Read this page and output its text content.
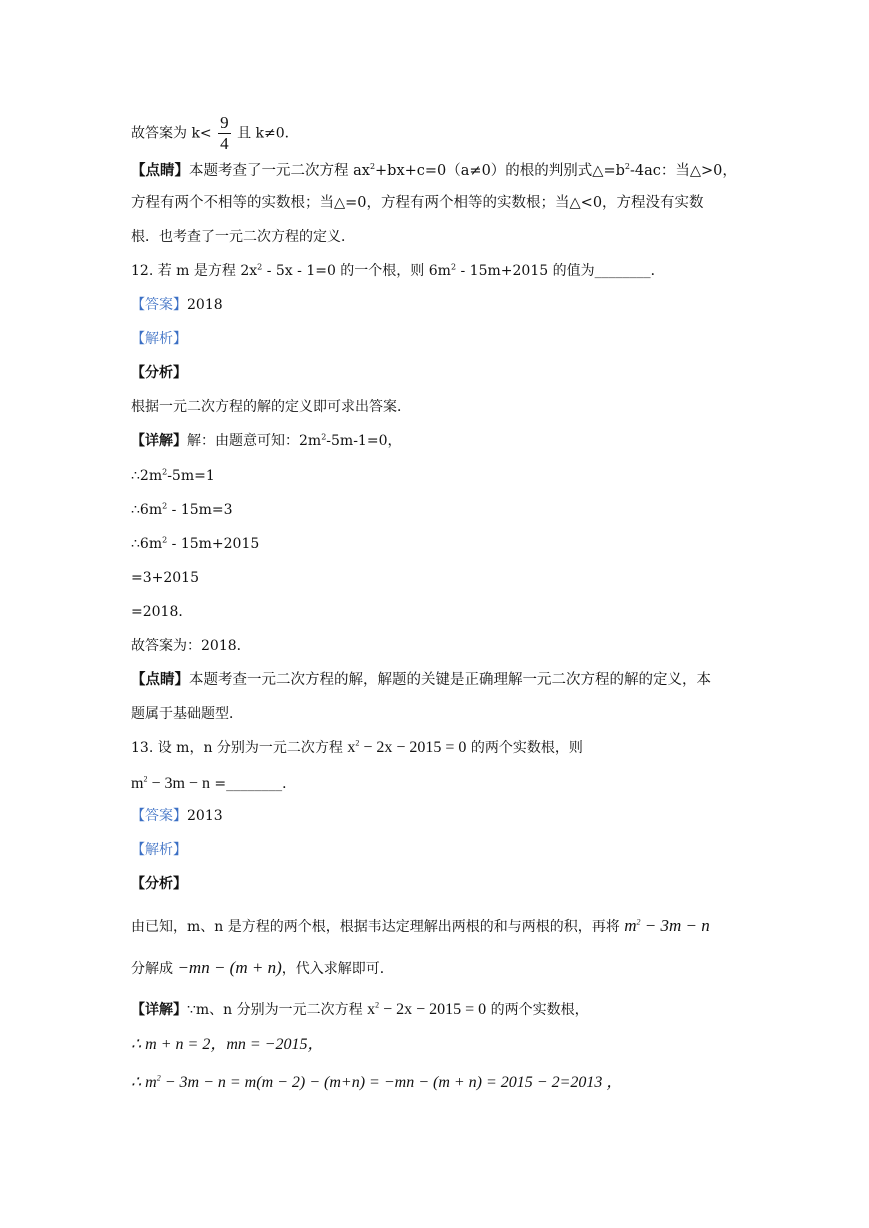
故答案为 $k< \frac{9}{4}$ 且 k≠0．
【点睛】本题考查了一元二次方程 $ax^2+bx+c=0(a\ne 0)$的根的判别式$\triangle=b^2-4ac$：当△>0，
方程有两个不相等的实数根；当△=0，方程有两个相等的实数根；当△<0，方程没有实数
根．也考查了一元二次方程的定义．
12. 若 m 是方程 $2x^2 - 5x - 1=0$ 的一个根，则 $6m^2 - 15m+2015$ 的值为________．
【答案】2018
【解析】
【分析】
根据一元二次方程的解的定义即可求出答案．
【详解】解：由题意可知：$2m^2-5m-1=0$，
$\therefore 2m^2-5m=1$
$\therefore 6m^2 - 15m=3$
$\therefore 6m^2 - 15m+2015$
=3+2015
=2018．
故答案为：2018．
【点睛】本题考查一元二次方程的解，解题的关键是正确理解一元二次方程的解的定义，本
题属于基础题型．
13. 设 m，n 分别为一元二次方程 $x^2 - 2x - 2015 = 0$ 的两个实数根，则
$m^2 - 3m - n$ =________．
【答案】2013
【解析】
【分析】
由已知，m、n 是方程的两个根，根据韦达定理解出两根的和与两根的积，再将 $m^2 - 3m - n$
分解成 −mn − (m + n)，代入求解即可．
【详解】∵m、n 分别为一元二次方程 $x^2 - 2x - 2015 = 0$ 的两个实数根，
∴ m + n = 2，mn = −2015，
∴ $m^2 - 3m - n = m(m - 2) - (m+n) = -mn - (m + n) = 2015 - 2=2013$ ，
